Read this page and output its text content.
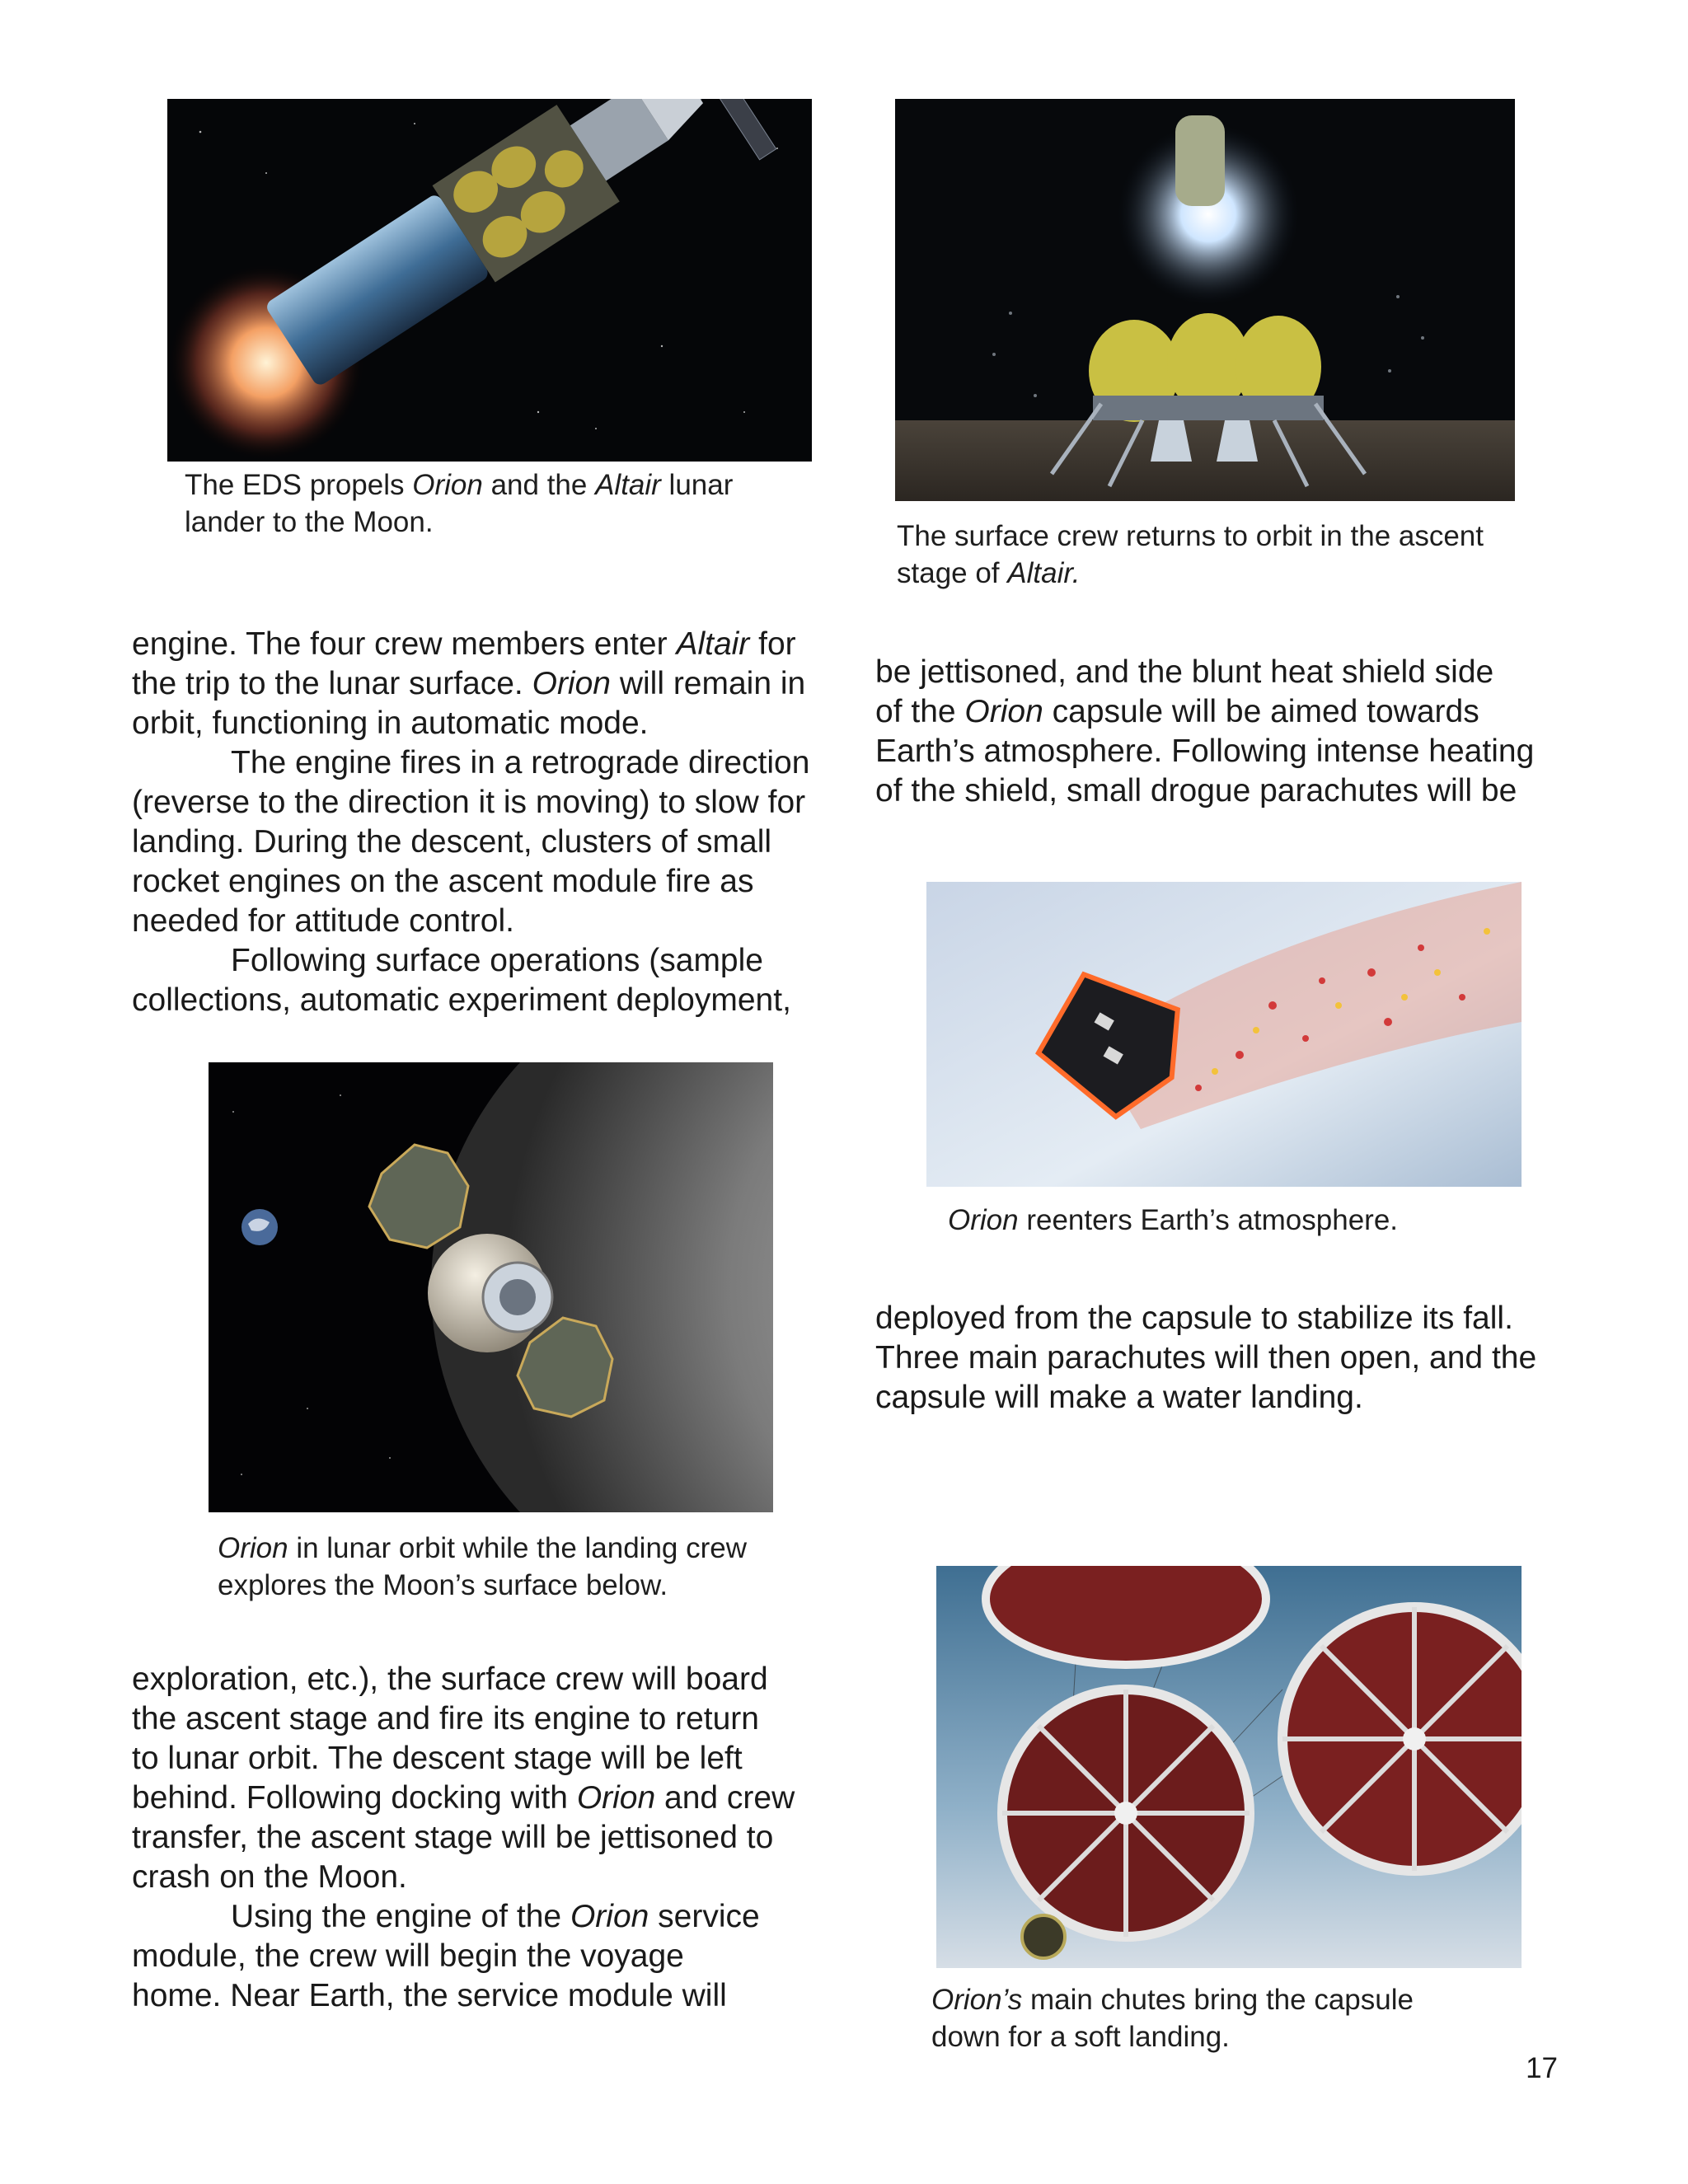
The EDS propels Orion and the Altair lunar
lander to the Moon.	The surface crew returns to orbit in the ascent
stage of Altair.
engine. The four crew members enter Altair for
the trip to the lunar surface. Orion will remain in
orbit, functioning in automatic mode.
The engine fires in a retrograde direction
(reverse to the direction it is moving) to slow for
landing. During the descent, clusters of small
rocket engines on the ascent module fire as
needed for attitude control.
Following surface operations (sample
collections, automatic experiment deployment,
be jettisoned, and the blunt heat shield side
of the Orion capsule will be aimed towards
Earth’s atmosphere. Following intense heating
of the shield, small drogue parachutes will be
Orion reenters Earth’s atmosphere.
deployed from the capsule to stabilize its fall.
Three main parachutes will then open, and the
capsule will make a water landing.
Orion in lunar orbit while the landing crew
explores the Moon’s surface below.
exploration, etc.), the surface crew will board
the ascent stage and fire its engine to return
to lunar orbit. The descent stage will be left
behind. Following docking with Orion and crew
transfer, the ascent stage will be jettisoned to
crash on the Moon.
Using the engine of the Orion service
module, the crew will begin the voyage
home. Near Earth, the service module will	Orion’s main chutes bring the capsule
down for a soft landing.
17
